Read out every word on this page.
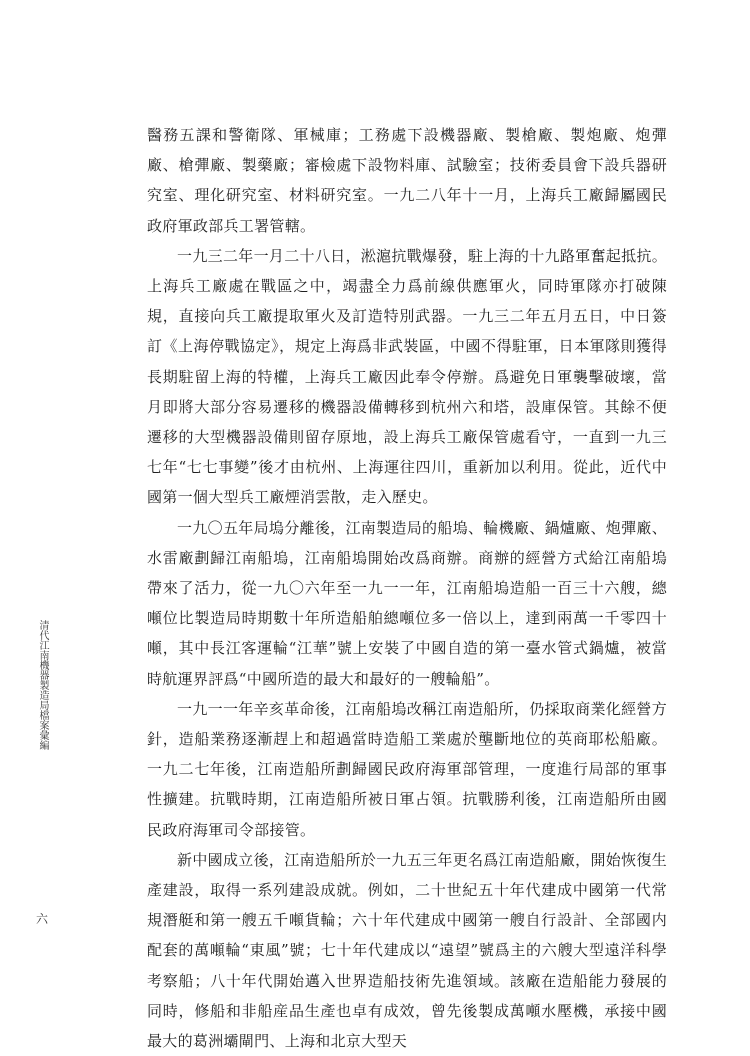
醫務五課和警衛隊、軍械庫；工務處下設機器廠、製槍廠、製炮廠、炮彈廠、槍彈廠、製藥廠；審檢處下設物料庫、試驗室；技術委員會下設兵器研究室、理化研究室、材料研究室。一九二八年十一月，上海兵工廠歸屬國民政府軍政部兵工署管轄。

一九三二年一月二十八日，淞滬抗戰爆發，駐上海的十九路軍奮起抵抗。上海兵工廠處在戰區之中，竭盡全力爲前線供應軍火，同時軍隊亦打破陳規，直接向兵工廠提取軍火及訂造特別武器。一九三二年五月五日，中日簽訂《上海停戰協定》，規定上海爲非武裝區，中國不得駐軍，日本軍隊則獲得長期駐留上海的特權，上海兵工廠因此奉令停辦。爲避免日軍襲擊破壞，當月即將大部分容易遷移的機器設備轉移到杭州六和塔，設庫保管。其餘不便遷移的大型機器設備則留存原地，設上海兵工廠保管處看守，一直到一九三七年“七七事變”後才由杭州、上海運往四川，重新加以利用。從此，近代中國第一個大型兵工廠煙消雲散，走入歷史。

一九〇五年局塢分離後，江南製造局的船塢、輪機廠、鍋爐廠、炮彈廠、水雷廠劃歸江南船塢，江南船塢開始改爲商辦。商辦的經營方式給江南船塢帶來了活力，從一九〇六年至一九一一年，江南船塢造船一百三十六艘，總噸位比製造局時期數十年所造船舶總噸位多一倍以上，達到兩萬一千零四十噸，其中長江客運輪“江華”號上安裝了中國自造的第一臺水管式鍋爐，被當時航運界評爲“中國所造的最大和最好的一艘輪船”。

一九一一年辛亥革命後，江南船塢改稱江南造船所，仍採取商業化經營方針，造船業務逐漸趕上和超過當時造船工業處於壟斷地位的英商耶松船廠。一九二七年後，江南造船所劃歸國民政府海軍部管理，一度進行局部的軍事性擴建。抗戰時期，江南造船所被日軍占領。抗戰勝利後，江南造船所由國民政府海軍司令部接管。

新中國成立後，江南造船所於一九五三年更名爲江南造船廠，開始恢復生產建設，取得一系列建設成就。例如，二十世紀五十年代建成中國第一代常規潛艇和第一艘五千噸貨輪；六十年代建成中國第一艘自行設計、全部國内配套的萬噸輪“東風”號；七十年代建成以“遠望”號爲主的六艘大型遠洋科學考察船；八十年代開始邁入世界造船技術先進領域。該廠在造船能力發展的同時，修船和非船産品生產也卓有成效，曾先後製成萬噸水壓機，承接中國最大的葛洲壩閘門、上海和北京大型天

清代江南機器製造局檔案彙編
六
